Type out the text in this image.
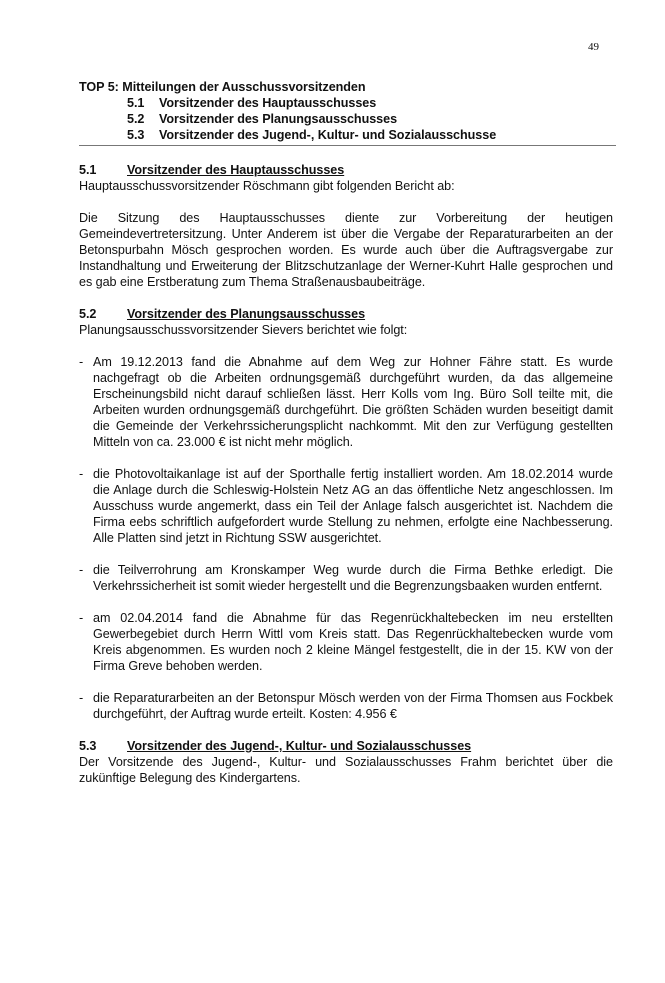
49
TOP 5: Mitteilungen der Ausschussvorsitzenden
5.1 Vorsitzender des Hauptausschusses
5.2 Vorsitzender des Planungsausschusses
5.3 Vorsitzender des Jugend-, Kultur- und Sozialausschusse
5.1 Vorsitzender des Hauptausschusses
Hauptausschussvorsitzender Röschmann gibt folgenden Bericht ab:
Die Sitzung des Hauptausschusses diente zur Vorbereitung der heutigen Gemeindevertretersitzung. Unter Anderem ist über die Vergabe der Reparaturarbeiten an der Betonspurbahn Mösch gesprochen worden. Es wurde auch über die Auftragsvergabe zur Instandhaltung und Erweiterung der Blitzschutzanlage der Werner-Kuhrt Halle gesprochen und es gab eine Erstberatung zum Thema Straßenausbaubeiträge.
5.2 Vorsitzender des Planungsausschusses
Planungsausschussvorsitzender Sievers berichtet wie folgt:
- Am 19.12.2013 fand die Abnahme auf dem Weg zur Hohner Fähre statt. Es wurde nachgefragt ob die Arbeiten ordnungsgemäß durchgeführt wurden, da das allgemeine Erscheinungsbild nicht darauf schließen lässt. Herr Kolls vom Ing. Büro Soll teilte mit, die Arbeiten wurden ordnungsgemäß durchgeführt. Die größten Schäden wurden beseitigt damit die Gemeinde der Verkehrssicherungsplicht nachkommt. Mit den zur Verfügung gestellten Mitteln von ca. 23.000 € ist nicht mehr möglich.
- die Photovoltaikanlage ist auf der Sporthalle fertig installiert worden. Am 18.02.2014 wurde die Anlage durch die Schleswig-Holstein Netz AG an das öffentliche Netz angeschlossen. Im Ausschuss wurde angemerkt, dass ein Teil der Anlage falsch ausgerichtet ist. Nachdem die Firma eebs schriftlich aufgefordert wurde Stellung zu nehmen, erfolgte eine Nachbesserung. Alle Platten sind jetzt in Richtung SSW ausgerichtet.
- die Teilverrohrung am Kronskamper Weg wurde durch die Firma Bethke erledigt. Die Verkehrssicherheit ist somit wieder hergestellt und die Begrenzungsbaaken wurden entfernt.
- am 02.04.2014 fand die Abnahme für das Regenrückhaltebecken im neu erstellten Gewerbegebiet durch Herrn Wittl vom Kreis statt. Das Regenrückhaltebecken wurde vom Kreis abgenommen. Es wurden noch 2 kleine Mängel festgestellt, die in der 15. KW von der Firma Greve behoben werden.
- die Reparaturarbeiten an der Betonspur Mösch werden von der Firma Thomsen aus Fockbek durchgeführt, der Auftrag wurde erteilt. Kosten: 4.956 €
5.3 Vorsitzender des Jugend-, Kultur- und Sozialausschusses
Der Vorsitzende des Jugend-, Kultur- und Sozialausschusses Frahm berichtet über die zukünftige Belegung des Kindergartens.
